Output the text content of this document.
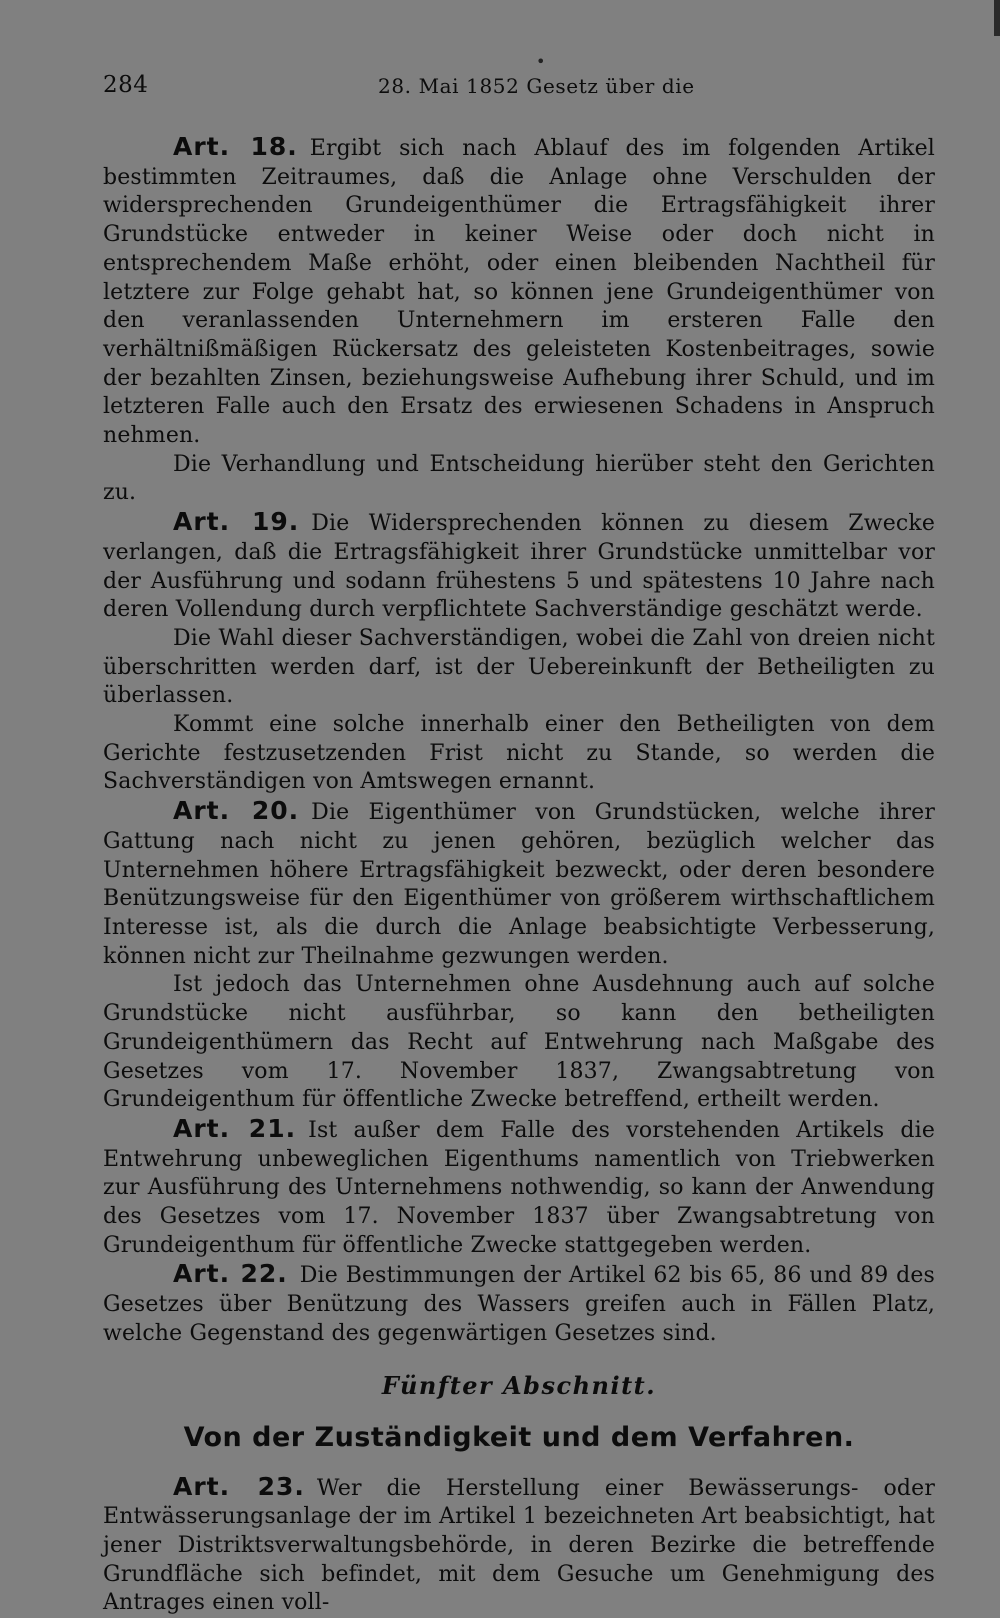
•
284	28. Mai 1852 Gesetz über die

Art. 18. Ergibt sich nach Ablauf des im folgenden Artikel bestimmten Zeitraumes, daß die Anlage ohne Verschulden der widersprechenden Grundeigenthümer die Ertragsfähigkeit ihrer Grundstücke entweder in keiner Weise oder doch nicht in entsprechendem Maße erhöht, oder einen bleibenden Nachtheil für letztere zur Folge gehabt hat, so können jene Grundeigenthümer von den veranlassenden Unternehmern im ersteren Falle den verhältnißmäßigen Rückersatz des geleisteten Kostenbeitrages, sowie der bezahlten Zinsen, beziehungsweise Aufhebung ihrer Schuld, und im letzteren Falle auch den Ersatz des erwiesenen Schadens in Anspruch nehmen.

Die Verhandlung und Entscheidung hierüber steht den Gerichten zu.

Art. 19. Die Widersprechenden können zu diesem Zwecke verlangen, daß die Ertragsfähigkeit ihrer Grundstücke unmittelbar vor der Ausführung und sodann frühestens 5 und spätestens 10 Jahre nach deren Vollendung durch verpflichtete Sachverständige geschätzt werde.

Die Wahl dieser Sachverständigen, wobei die Zahl von dreien nicht überschritten werden darf, ist der Uebereinkunft der Betheiligten zu überlassen.

Kommt eine solche innerhalb einer den Betheiligten von dem Gerichte festzusetzenden Frist nicht zu Stande, so werden die Sachverständigen von Amtswegen ernannt.

Art. 20. Die Eigenthümer von Grundstücken, welche ihrer Gattung nach nicht zu jenen gehören, bezüglich welcher das Unternehmen höhere Ertragsfähigkeit bezweckt, oder deren besondere Benützungsweise für den Eigenthümer von größerem wirthschaftlichem Interesse ist, als die durch die Anlage beabsichtigte Verbesserung, können nicht zur Theilnahme gezwungen werden.

Ist jedoch das Unternehmen ohne Ausdehnung auch auf solche Grundstücke nicht ausführbar, so kann den betheiligten Grundeigenthümern das Recht auf Entwehrung nach Maßgabe des Gesetzes vom 17. November 1837, Zwangsabtretung von Grundeigenthum für öffentliche Zwecke betreffend, ertheilt werden.

Art. 21. Ist außer dem Falle des vorstehenden Artikels die Entwehrung unbeweglichen Eigenthums namentlich von Triebwerken zur Ausführung des Unternehmens nothwendig, so kann der Anwendung des Gesetzes vom 17. November 1837 über Zwangsabtretung von Grundeigenthum für öffentliche Zwecke stattgegeben werden.

Art. 22. Die Bestimmungen der Artikel 62 bis 65, 86 und 89 des Gesetzes über Benützung des Wassers greifen auch in Fällen Platz, welche Gegenstand des gegenwärtigen Gesetzes sind.

Fünfter Abschnitt.
Von der Zuständigkeit und dem Verfahren.

Art. 23. Wer die Herstellung einer Bewässerungs- oder Entwässerungsanlage der im Artikel 1 bezeichneten Art beabsichtigt, hat jener Distriktsverwaltungsbehörde, in deren Bezirke die betreffende Grundfläche sich befindet, mit dem Gesuche um Genehmigung des Antrages einen voll-
